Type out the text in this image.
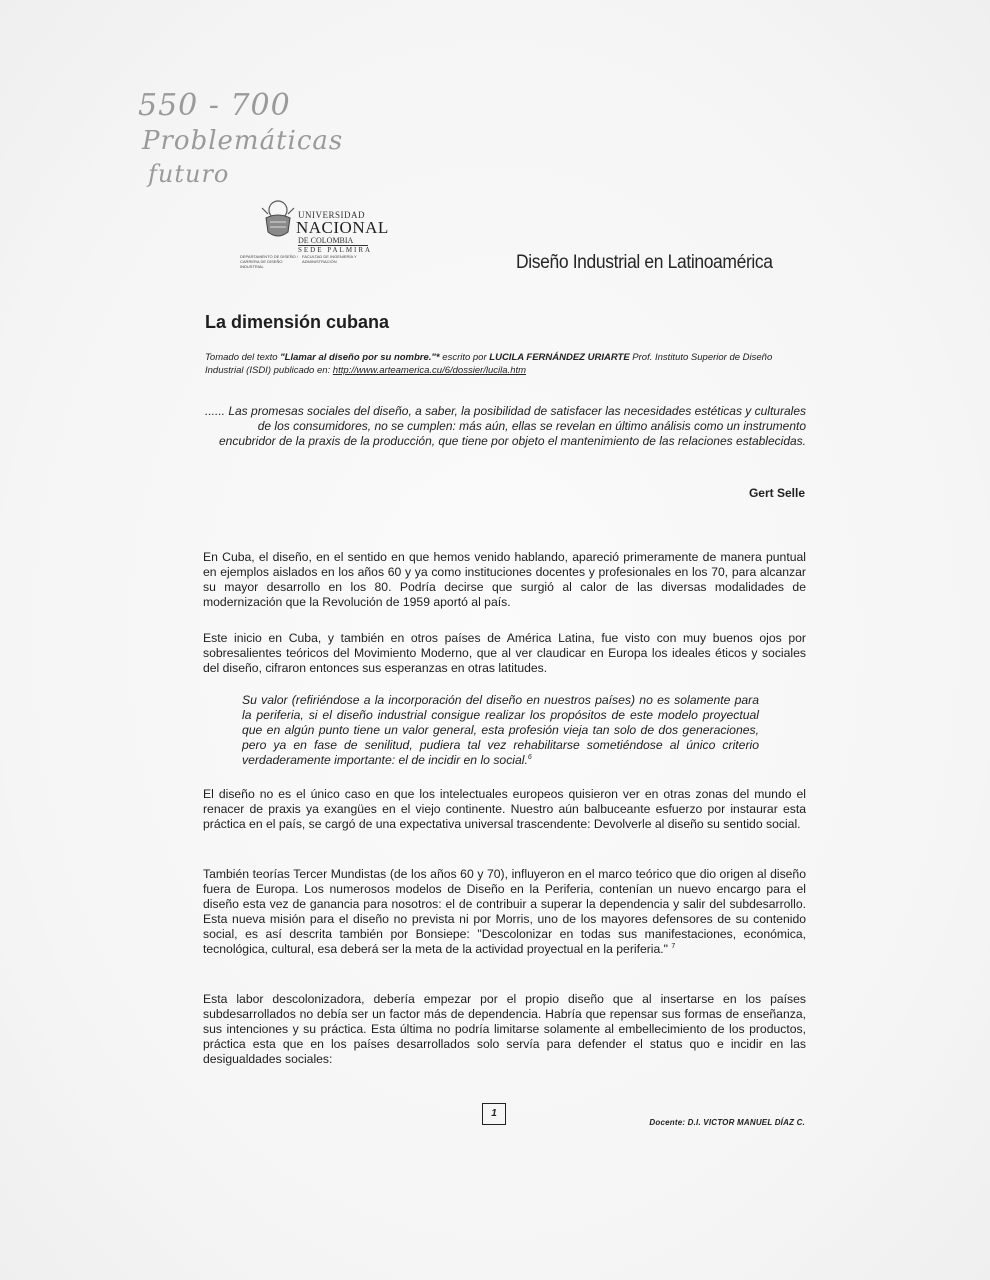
550 - 700
Problemáticas
futuro
UNIVERSIDAD
NACIONAL
DE COLOMBIA
SEDE PALMIRA
DEPARTAMENTO DE DISEÑO / CARRERA DE DISEÑO INDUSTRIAL
FACULTAD DE INGENIERÍA Y ADMINISTRACIÓN	Diseño Industrial en Latinoamérica
La dimensión cubana
Tomado del texto "Llamar al diseño por su nombre."* escrito por LUCILA FERNÁNDEZ URIARTE Prof. Instituto Superior de Diseño Industrial (ISDI) publicado en: http://www.arteamerica.cu/6/dossier/lucila.htm
...... Las promesas sociales del diseño, a saber, la posibilidad de satisfacer las necesidades estéticas y culturales de los consumidores, no se cumplen: más aún, ellas se revelan en último análisis como un instrumento encubridor de la praxis de la producción, que tiene por objeto el mantenimiento de las relaciones establecidas.
Gert Selle
En Cuba, el diseño, en el sentido en que hemos venido hablando, apareció primeramente de manera puntual en ejemplos aislados en los años 60 y ya como instituciones docentes y profesionales en los 70, para alcanzar su mayor desarrollo en los 80. Podría decirse que surgió al calor de las diversas modalidades de modernización que la Revolución de 1959 aportó al país.
Este inicio en Cuba, y también en otros países de América Latina, fue visto con muy buenos ojos por sobresalientes teóricos del Movimiento Moderno, que al ver claudicar en Europa los ideales éticos y sociales del diseño, cifraron entonces sus esperanzas en otras latitudes.
Su valor (refiriéndose a la incorporación del diseño en nuestros países) no es solamente para la periferia, si el diseño industrial consigue realizar los propósitos de este modelo proyectual que en algún punto tiene un valor general, esta profesión vieja tan solo de dos generaciones, pero ya en fase de senilitud, pudiera tal vez rehabilitarse sometiéndose al único criterio verdaderamente importante: el de incidir en lo social.$^6$
El diseño no es el único caso en que los intelectuales europeos quisieron ver en otras zonas del mundo el renacer de praxis ya exangües en el viejo continente. Nuestro aún balbuceante esfuerzo por instaurar esta práctica en el país, se cargó de una expectativa universal trascendente: Devolverle al diseño su sentido social.
También teorías Tercer Mundistas (de los años 60 y 70), influyeron en el marco teórico que dio origen al diseño fuera de Europa. Los numerosos modelos de Diseño en la Periferia, contenían un nuevo encargo para el diseño esta vez de ganancia para nosotros: el de contribuir a superar la dependencia y salir del subdesarrollo. Esta nueva misión para el diseño no prevista ni por Morris, uno de los mayores defensores de su contenido social, es así descrita también por Bonsiepe: "Descolonizar en todas sus manifestaciones, económica, tecnológica, cultural, esa deberá ser la meta de la actividad proyectual en la periferia." $^7$
Esta labor descolonizadora, debería empezar por el propio diseño que al insertarse en los países subdesarrollados no debía ser un factor más de dependencia. Habría que repensar sus formas de enseñanza, sus intenciones y su práctica. Esta última no podría limitarse solamente al embellecimiento de los productos, práctica esta que en los países desarrollados solo servía para defender el status quo e incidir en las desigualdades sociales:
Docente: D.I. VICTOR MANUEL DÍAZ C.
1
